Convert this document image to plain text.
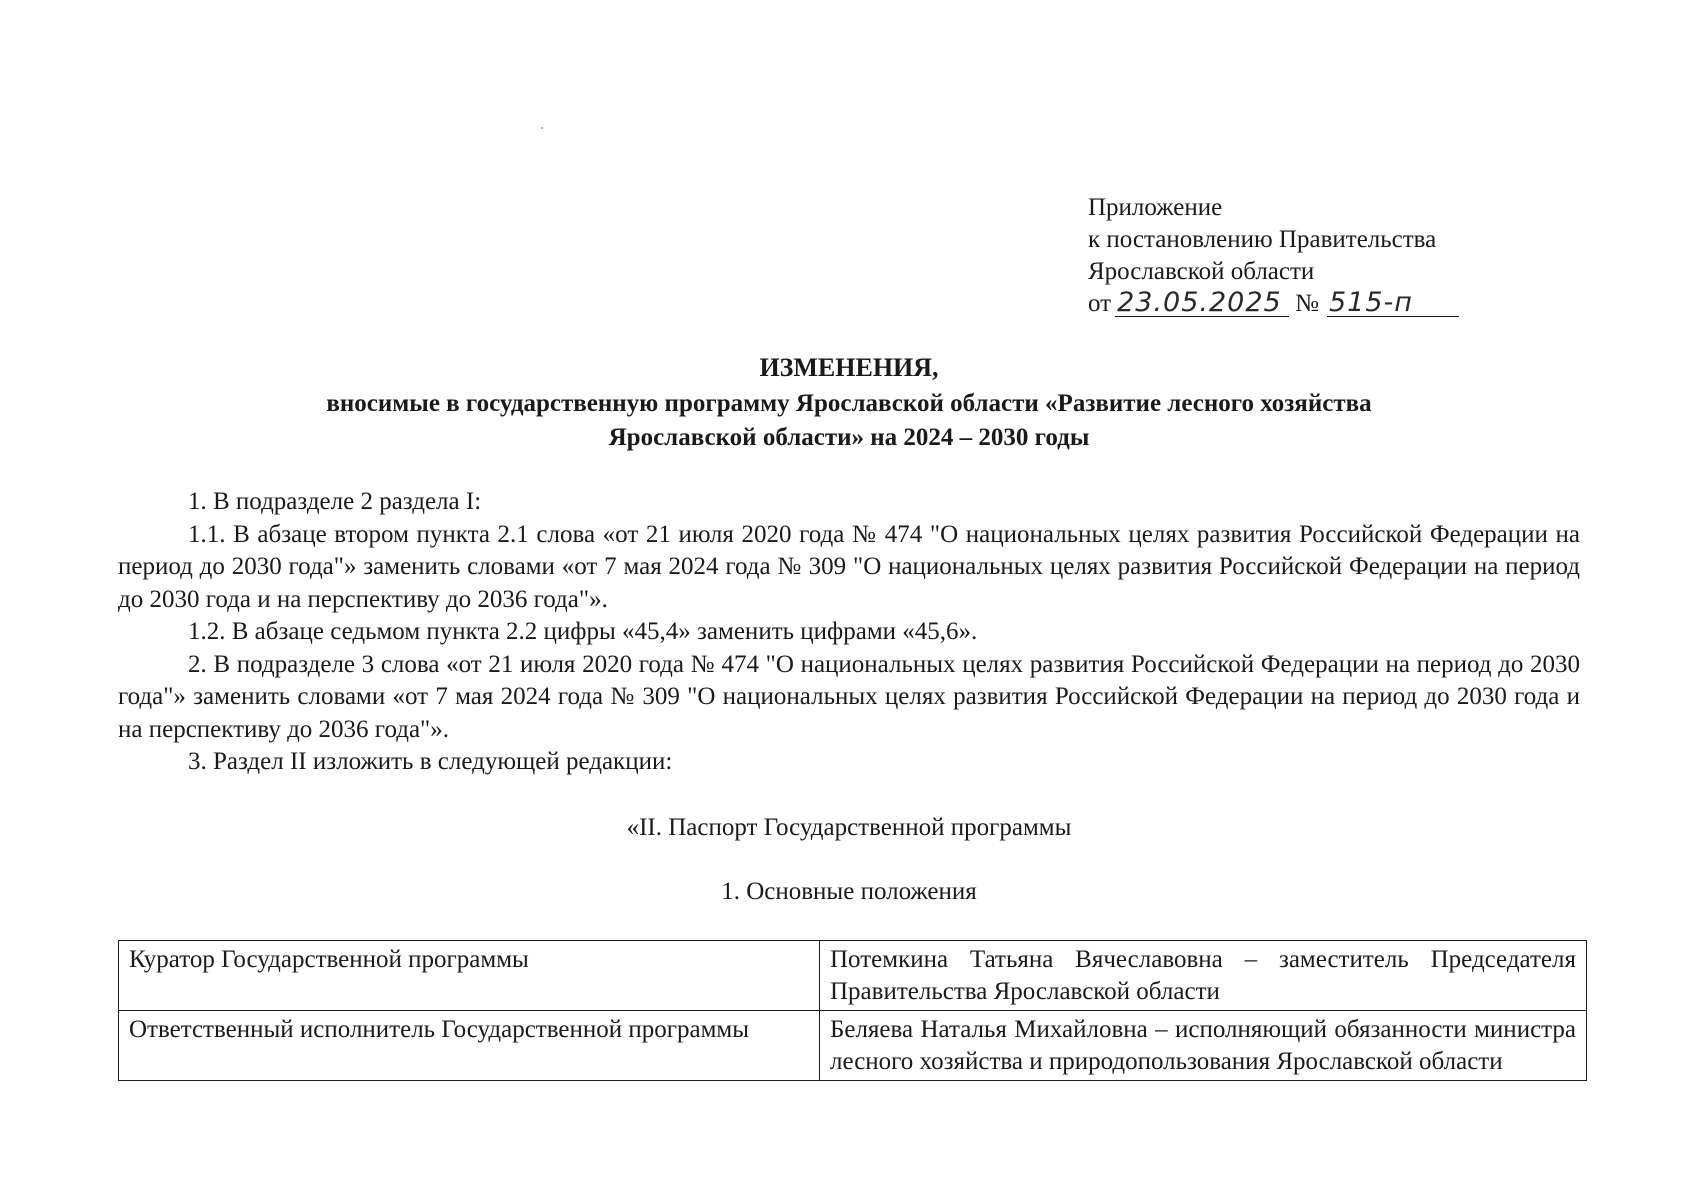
Приложение
к постановлению Правительства
Ярославской области
от 23.05.2025 № 515-п
ИЗМЕНЕНИЯ,
вносимые в государственную программу Ярославской области «Развитие лесного хозяйства
Ярославской области» на 2024 – 2030 годы

1. В подразделе 2 раздела I:

1.1. В абзаце втором пункта 2.1 слова «от 21 июля 2020 года № 474 "О национальных целях развития Российской Федерации на период до 2030 года"» заменить словами «от 7 мая 2024 года № 309 "О национальных целях развития Российской Федерации на период до 2030 года и на перспективу до 2036 года"».

1.2. В абзаце седьмом пункта 2.2 цифры «45,4» заменить цифрами «45,6».

2. В подразделе 3 слова «от 21 июля 2020 года № 474 "О национальных целях развития Российской Федерации на период до 2030 года"» заменить словами «от 7 мая 2024 года № 309 "О национальных целях развития Российской Федерации на период до 2030 года и на перспективу до 2036 года"».

3. Раздел II изложить в следующей редакции:

«II. Паспорт Государственной программы
1. Основные положения
Куратор Государственной программы	Потемкина Татьяна Вячеславовна – заместитель Председателя Правительства Ярославской области
Ответственный исполнитель Государственной программы	Беляева Наталья Михайловна – исполняющий обязанности министра лесного хозяйства и природопользования Ярославской области
